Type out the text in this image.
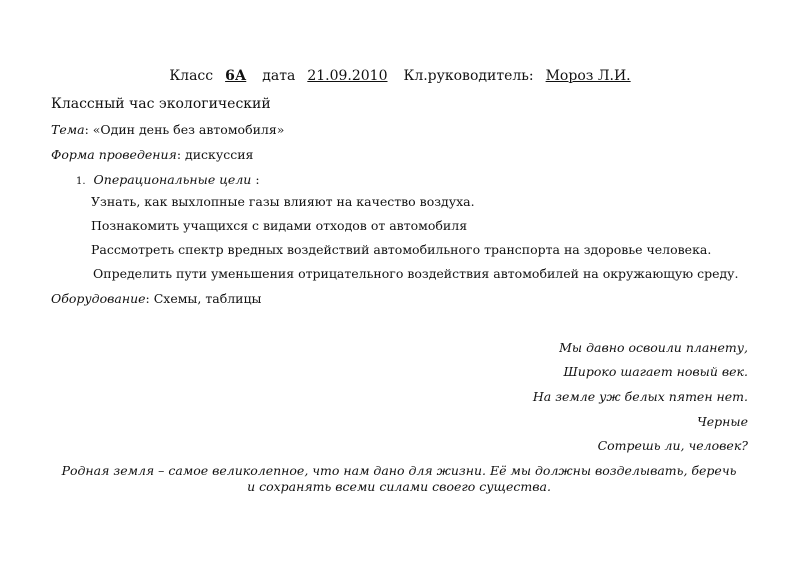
Класс 6А дата 21.09.2010 Кл.руководитель: Мороз Л.И.
Классный час экологический
Тема: «Один день без автомобиля»
Форма проведения: дискуссия
1. Операциональные цели :
Узнать, как выхлопные газы влияют на качество воздуха.
Познакомить учащихся с видами отходов от автомобиля
Рассмотреть спектр вредных воздействий автомобильного транспорта на здоровье человека.
Определить пути уменьшения отрицательного воздействия автомобилей на окружающую среду.
Оборудование: Схемы, таблицы
Мы давно освоили планету,
Широко шагает новый век.
На земле уж белых пятен нет.
Черные
Сотрешь ли, человек?
Родная земля – самое великолепное, что нам дано для жизни. Её мы должны возделывать, беречь и сохранять всеми силами своего существа.
